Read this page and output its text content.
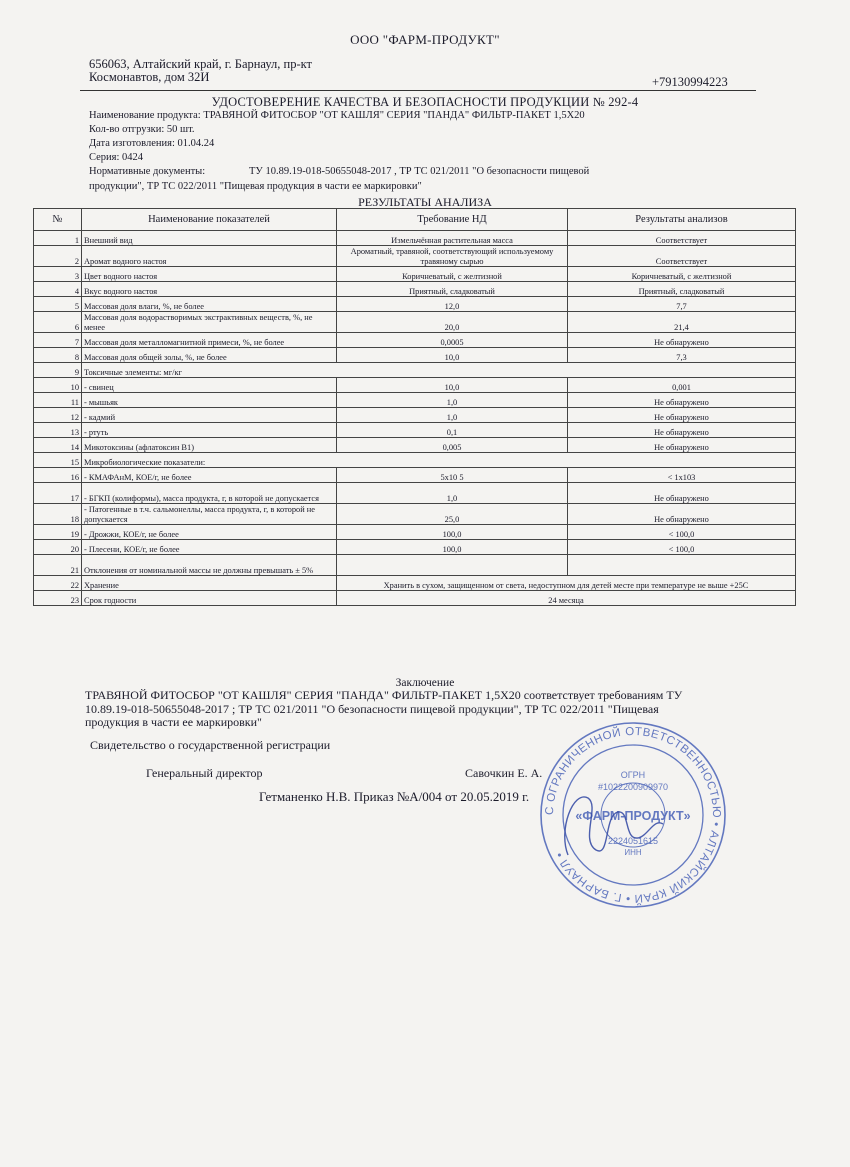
ООО "ФАРМ-ПРОДУКТ"
656063, Алтайский край, г. Барнаул, пр-кт
Космонавтов, дом 32И	+79130994223
УДОСТОВЕРЕНИЕ КАЧЕСТВА И БЕЗОПАСНОСТИ ПРОДУКЦИИ № 292-4
Наименование продукта: ТРАВЯНОЙ ФИТОСБОР "ОТ КАШЛЯ" СЕРИЯ "ПАНДА" ФИЛЬТР-ПАКЕТ 1,5Х20
Кол-во отгрузки: 50 шт.
Дата изготовления: 01.04.24
Серия: 0424
Нормативные документы:	ТУ 10.89.19-018-50655048-2017 , ТР ТС 021/2011 "О безопасности пищевой
продукции", ТР ТС 022/2011 "Пищевая продукция в части ее маркировки"
РЕЗУЛЬТАТЫ АНАЛИЗА
№	Наименование показателей	Требование НД	Результаты анализов
1	Внешний вид	Измельчённая растительная масса	Соответствует
2	Аромат водного настоя	Ароматный, травяной, соответствующий используемому травяному сырью	Соответствует
3	Цвет водного настоя	Коричневатый, с желтизной	Коричневатый, с желтизной
4	Вкус водного настоя	Приятный, сладковатый	Приятный, сладковатый
5	Массовая доля влаги, %, не более	12,0	7,7
6	Массовая доля водорастворимых экстрактивных веществ, %, не менее	20,0	21,4
7	Массовая доля металломагнитной примеси, %, не более	0,0005	Не обнаружено
8	Массовая доля общей золы, %, не более	10,0	7,3
9	Токсичные элементы: мг/кг		
10	- свинец	10,0	0,001
11	- мышьяк	1,0	Не обнаружено
12	- кадмий	1,0	Не обнаружено
13	- ртуть	0,1	Не обнаружено
14	Микотоксины (афлатоксин В1)	0,005	Не обнаружено
15	Микробиологические показатели:		
16	- КМАФАнМ, КОЕ/г, не более	5х10 5	< 1х103
17	- БГКП (колиформы), масса продукта, г, в которой не допускается	1,0	Не обнаружено
18	- Патогенные в т.ч. сальмонеллы, масса продукта, г, в которой не допускается	25,0	Не обнаружено
19	- Дрожжи, КОЕ/г, не более	100,0	< 100,0
20	- Плесени, КОЕ/г, не более	100,0	< 100,0
21	Отклонения от номинальной массы не должны превышать ± 5%		
22	Хранение	Хранить в сухом, защищенном от света, недоступном для детей месте при температуре не выше +25С	
23	Срок годности	24 месяца	
Заключение
ТРАВЯНОЙ ФИТОСБОР "ОТ КАШЛЯ" СЕРИЯ "ПАНДА" ФИЛЬТР-ПАКЕТ 1,5Х20 соответствует требованиям ТУ 10.89.19-018-50655048-2017 ; ТР ТС 021/2011 "О безопасности пищевой продукции", ТР ТС 022/2011 "Пищевая продукция в части ее маркировки"
Свидетельство о государственной регистрации
Генеральный директор	Савочкин Е. А.
Гетманенко Н.В. Приказ №А/004 от 20.05.2019 г.
С ОГРАНИЧЕННОЙ ОТВЕТСТВЕННОСТЬЮ • АЛТАЙСКИЙ КРАЙ • Г. БАРНАУЛ •
ОГРН
#1022200909970
«ФАРМ-ПРОДУКТ»
2224051615
ИНН
